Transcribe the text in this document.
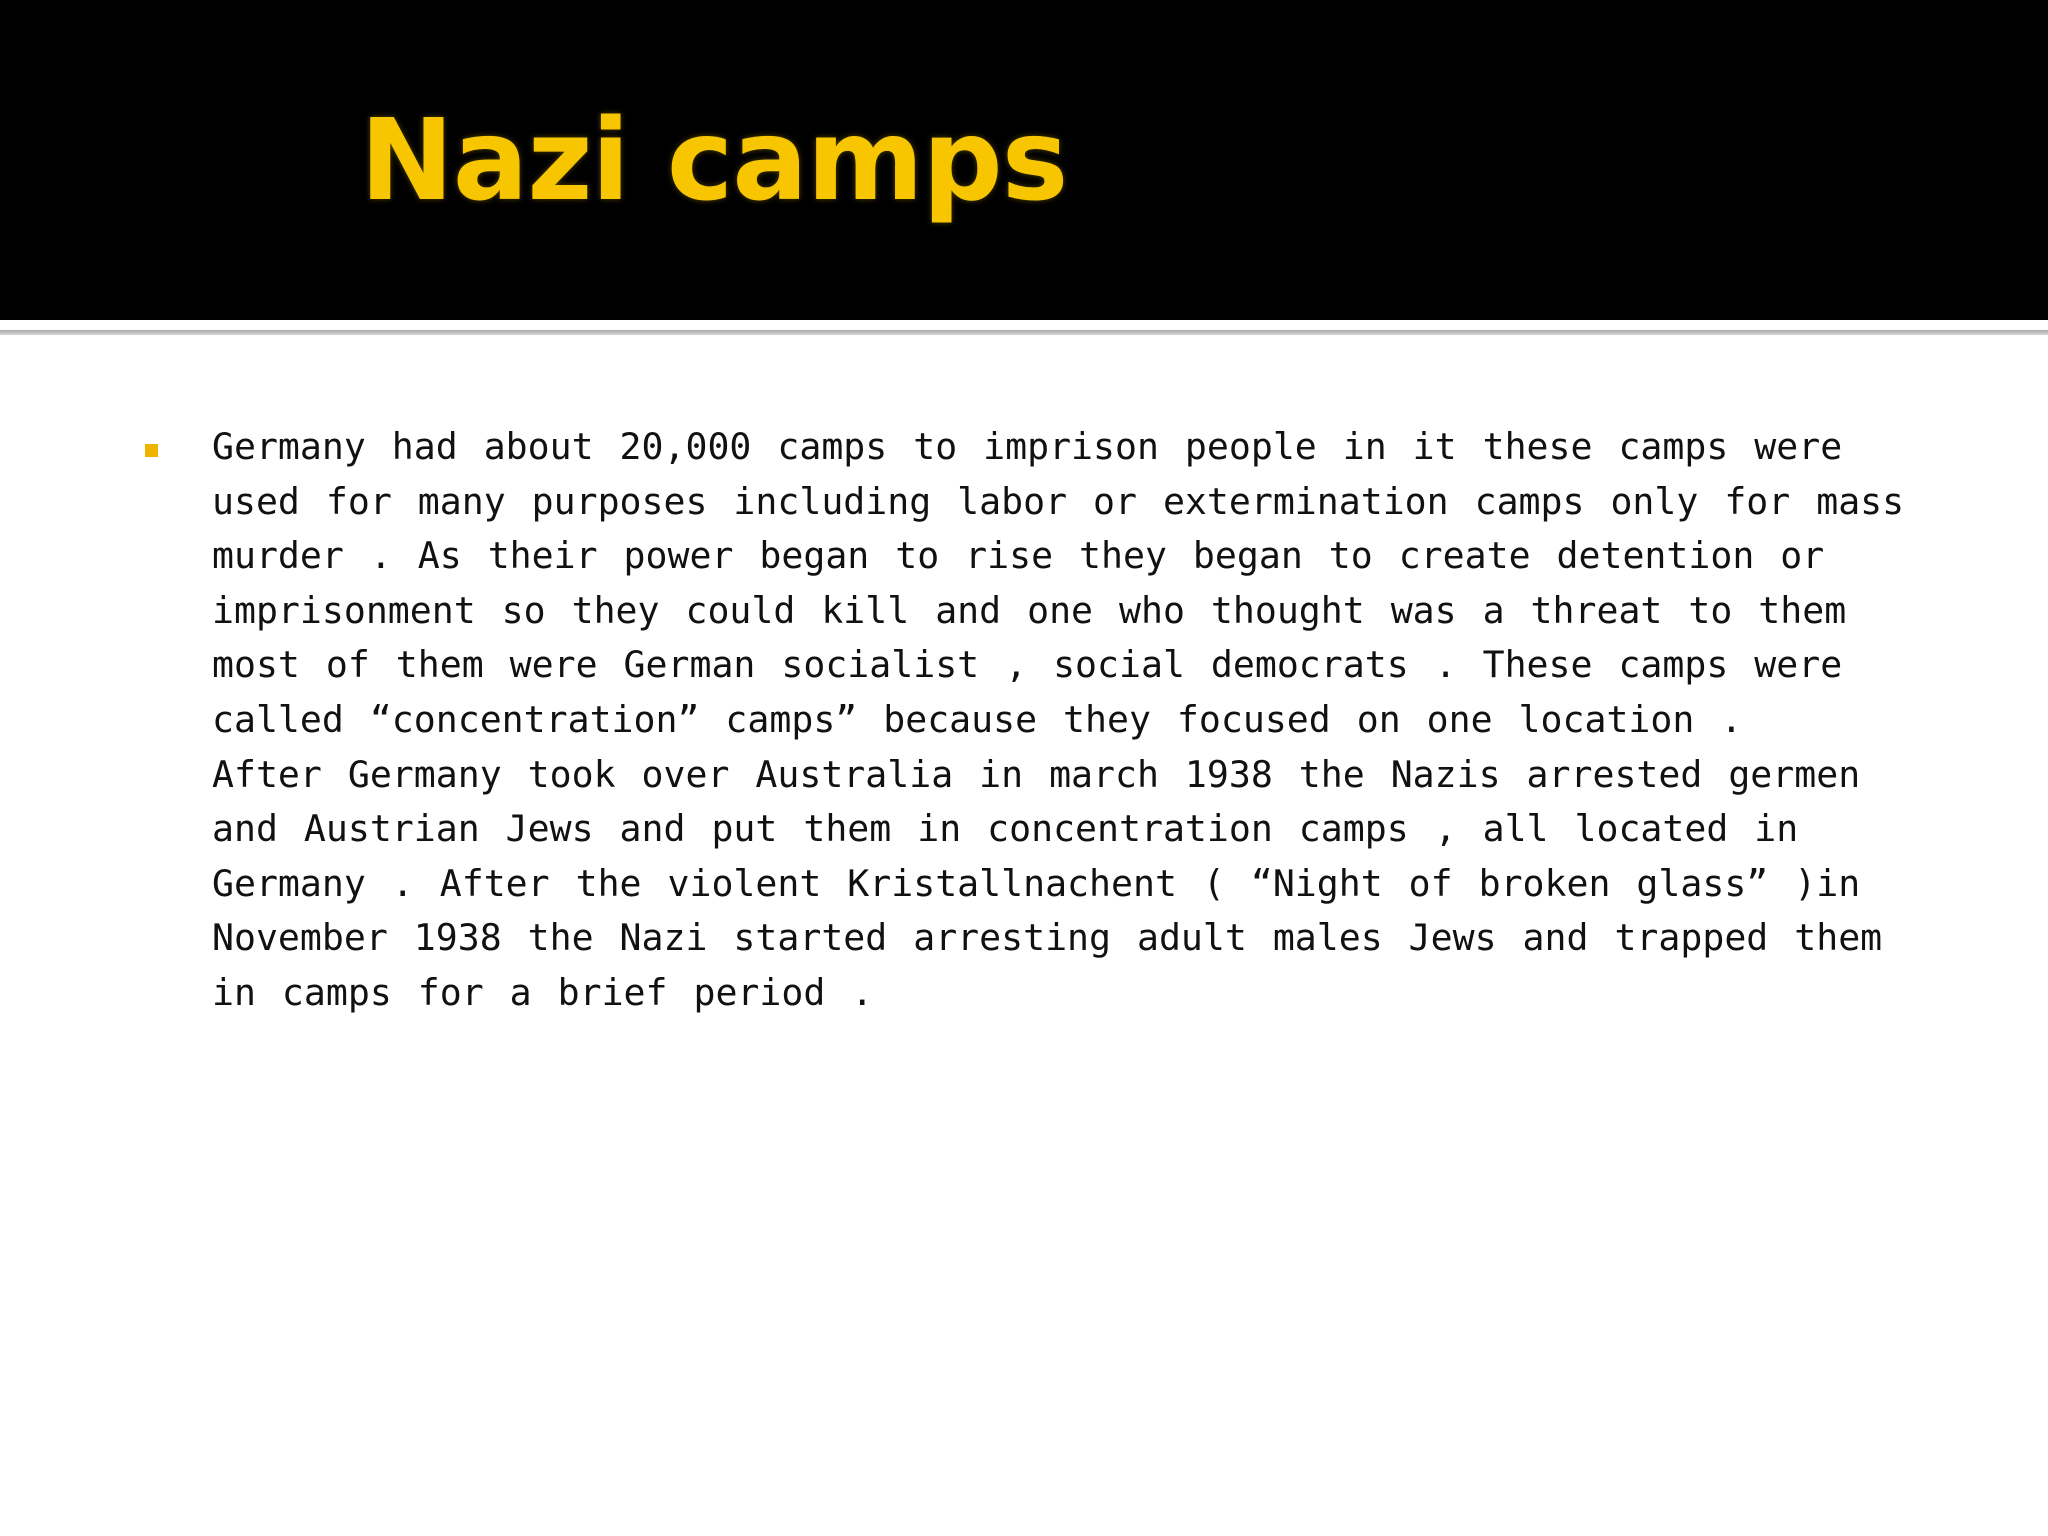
Nazi camps

Germany had about 20,000 camps to imprison people in it these camps were
used for many purposes including labor or extermination camps only for mass
murder . As their power began to rise they began to create detention or
imprisonment so they could kill and one who thought was a threat to them
most of them were German socialist , social democrats . These camps were
called “concentration” camps” because they focused on one location .
After Germany took over Australia in march 1938 the Nazis arrested germen
and Austrian Jews and put them in concentration camps , all located in
Germany . After the violent Kristallnachent ( “Night of broken glass” )in
November 1938 the Nazi started arresting adult males Jews and trapped them
in camps for a brief period .
